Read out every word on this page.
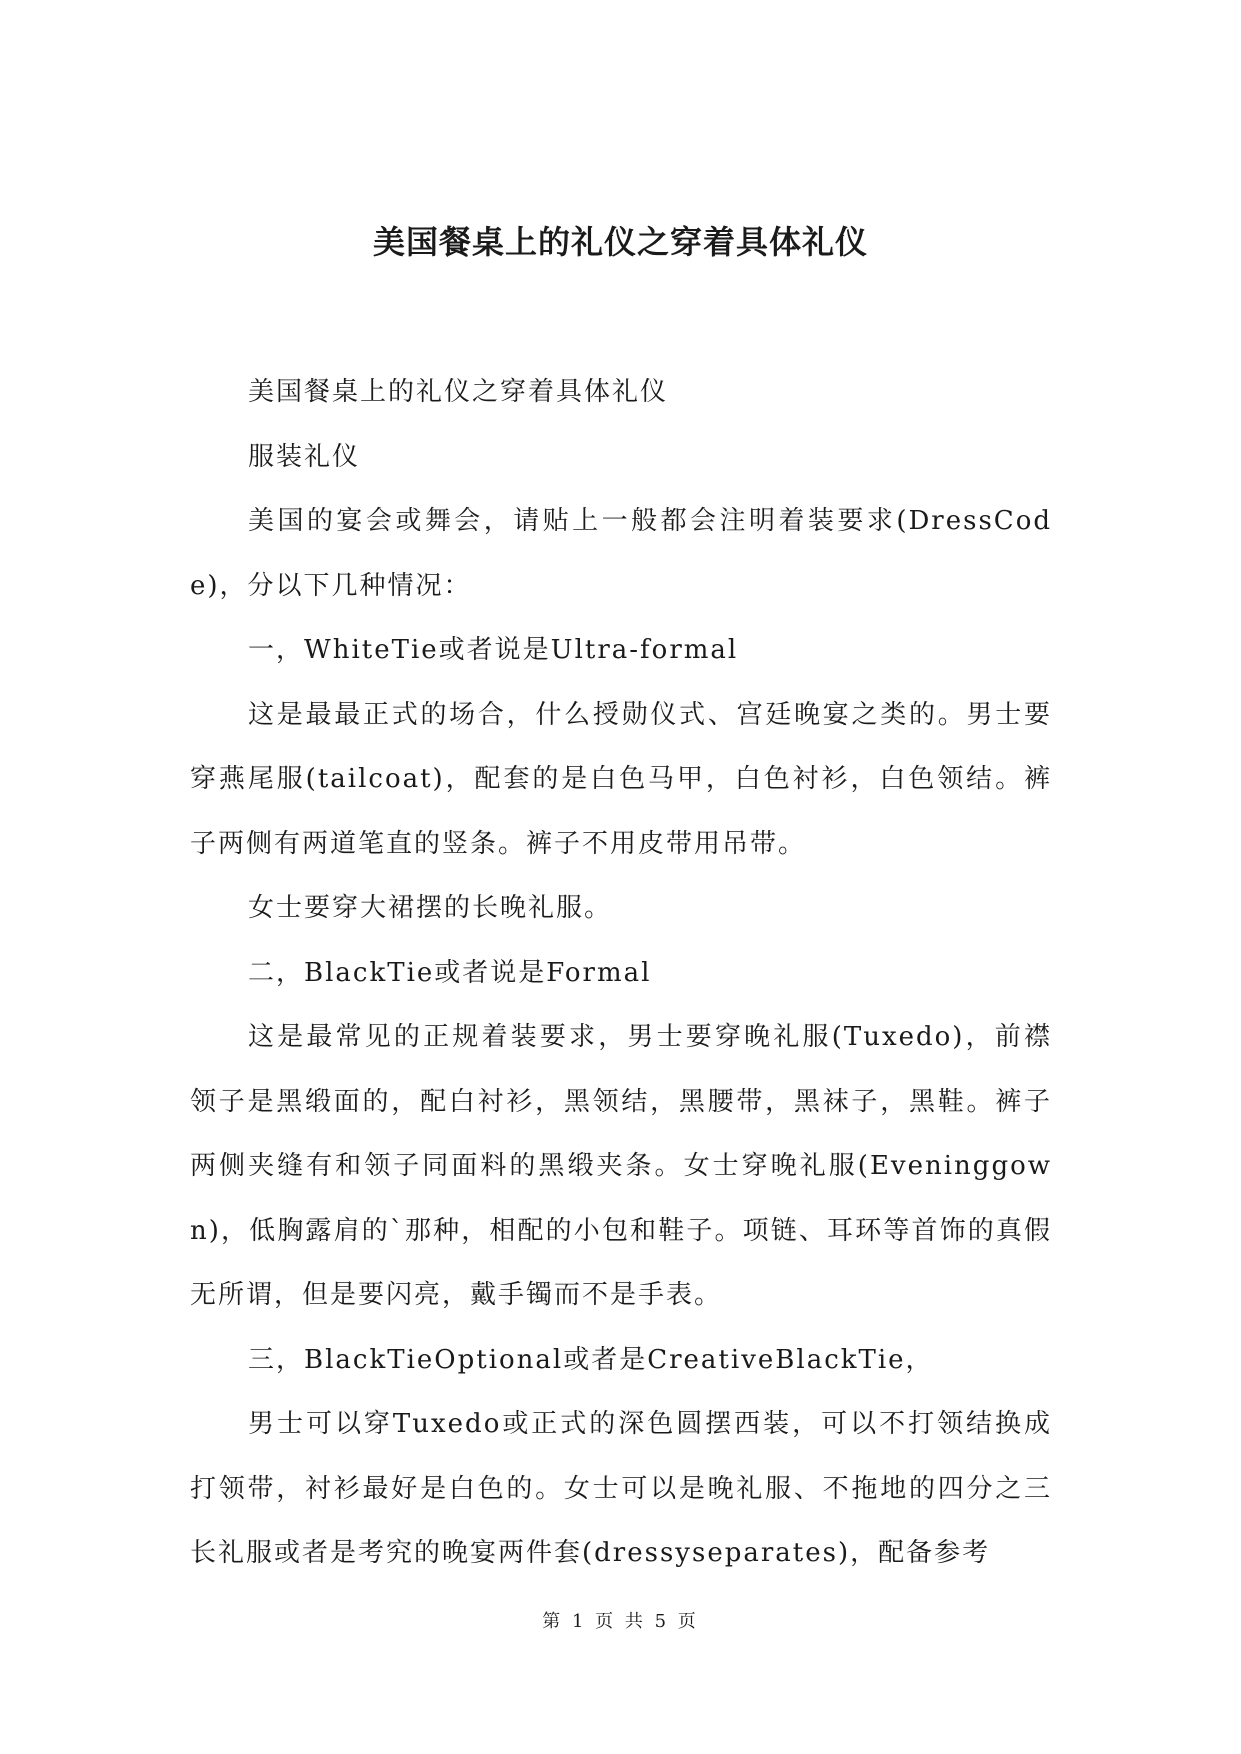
美国餐桌上的礼仪之穿着具体礼仪

美国餐桌上的礼仪之穿着具体礼仪

服装礼仪

美国的宴会或舞会，请贴上一般都会注明着装要求(DressCode)，分以下几种情况：

一，WhiteTie或者说是Ultra-formal

这是最最正式的场合，什么授勋仪式、宫廷晚宴之类的。男士要穿燕尾服(tailcoat)，配套的是白色马甲，白色衬衫，白色领结。裤子两侧有两道笔直的竖条。裤子不用皮带用吊带。

女士要穿大裙摆的长晚礼服。

二，BlackTie或者说是Formal

这是最常见的正规着装要求，男士要穿晚礼服(Tuxedo)，前襟领子是黑缎面的，配白衬衫，黑领结，黑腰带，黑袜子，黑鞋。裤子两侧夹缝有和领子同面料的黑缎夹条。女士穿晚礼服(Eveninggown)，低胸露肩的`那种，相配的小包和鞋子。项链、耳环等首饰的真假无所谓，但是要闪亮，戴手镯而不是手表。

三，BlackTieOptional或者是CreativeBlackTie，

男士可以穿Tuxedo或正式的深色圆摆西装，可以不打领结换成打领带，衬衫最好是白色的。女士可以是晚礼服、不拖地的四分之三长礼服或者是考究的晚宴两件套(dressyseparates)，配备参考

第 1 页 共 5 页
